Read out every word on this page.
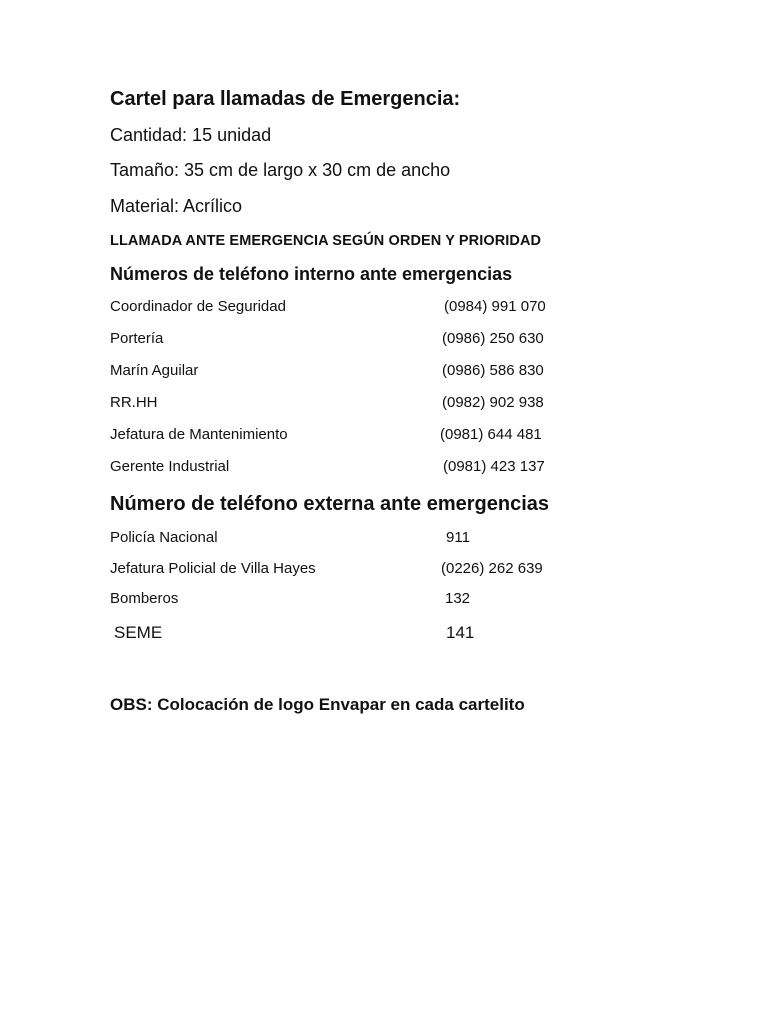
Cartel para llamadas de Emergencia:
Cantidad: 15 unidad
Tamaño: 35 cm de largo x 30 cm de ancho
Material: Acrílico
LLAMADA ANTE EMERGENCIA SEGÚN ORDEN Y PRIORIDAD
Números de teléfono interno ante emergencias
Coordinador de Seguridad	(0984) 991 070
Portería	(0986) 250 630
Marín Aguilar	(0986) 586 830
RR.HH	(0982) 902 938
Jefatura de Mantenimiento	(0981) 644 481
Gerente Industrial	(0981) 423 137
Número de teléfono externa ante emergencias
Policía Nacional	911
Jefatura Policial de Villa Hayes	(0226) 262 639
Bomberos	132
SEME	141
OBS: Colocación de logo Envapar en cada cartelito
